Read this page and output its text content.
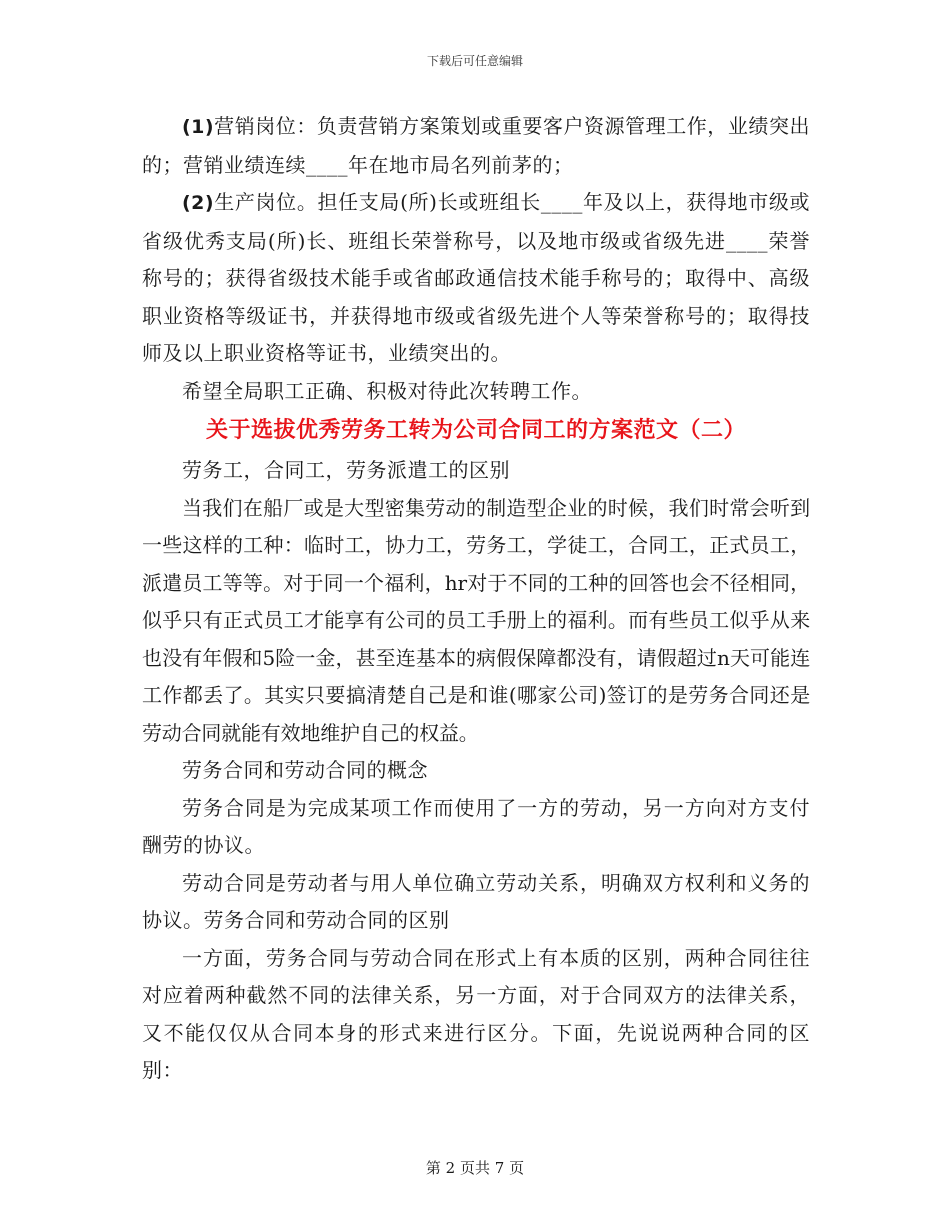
下载后可任意编辑

(1)营销岗位：负责营销方案策划或重要客户资源管理工作，业绩突出的；营销业绩连续____年在地市局名列前茅的；

(2)生产岗位。担任支局(所)长或班组长____年及以上，获得地市级或省级优秀支局(所)长、班组长荣誉称号，以及地市级或省级先进____荣誉称号的；获得省级技术能手或省邮政通信技术能手称号的；取得中、高级职业资格等级证书，并获得地市级或省级先进个人等荣誉称号的；取得技师及以上职业资格等证书，业绩突出的。

希望全局职工正确、积极对待此次转聘工作。

关于选拔优秀劳务工转为公司合同工的方案范文（二）

劳务工，合同工，劳务派遣工的区别

当我们在船厂或是大型密集劳动的制造型企业的时候，我们时常会听到一些这样的工种：临时工，协力工，劳务工，学徒工，合同工，正式员工，派遣员工等等。对于同一个福利，hr对于不同的工种的回答也会不径相同，似乎只有正式员工才能享有公司的员工手册上的福利。而有些员工似乎从来也没有年假和5险一金，甚至连基本的病假保障都没有，请假超过n天可能连工作都丢了。其实只要搞清楚自己是和谁(哪家公司)签订的是劳务合同还是劳动合同就能有效地维护自己的权益。

劳务合同和劳动合同的概念

劳务合同是为完成某项工作而使用了一方的劳动，另一方向对方支付酬劳的协议。

劳动合同是劳动者与用人单位确立劳动关系，明确双方权利和义务的协议。劳务合同和劳动合同的区别

一方面，劳务合同与劳动合同在形式上有本质的区别，两种合同往往对应着两种截然不同的法律关系，另一方面，对于合同双方的法律关系，又不能仅仅从合同本身的形式来进行区分。下面，先说说两种合同的区别：

第 2 页共 7 页
